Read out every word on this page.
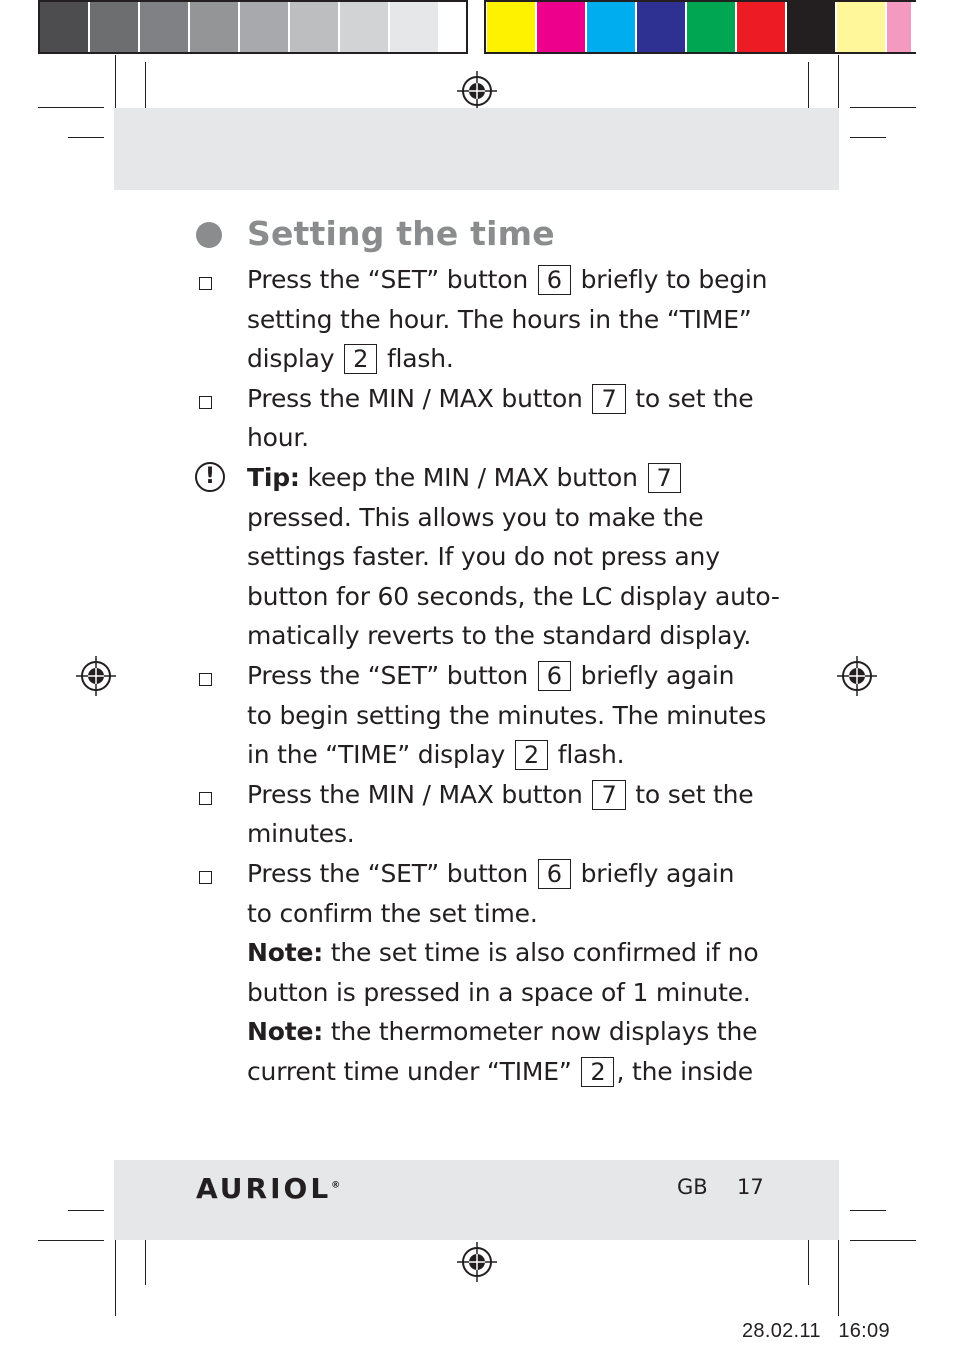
Setting the time
Press the “SET” button 6 briefly to begin
setting the hour. The hours in the “TIME”
display 2 flash.
Press the MIN / MAX button 7 to set the
hour.
Tip: keep the MIN / MAX button 7
pressed. This allows you to make the
settings faster. If you do not press any
button for 60 seconds, the LC display auto-
matically reverts to the standard display.
Press the “SET” button 6 briefly again
to begin setting the minutes. The minutes
in the “TIME” display 2 flash.
Press the MIN / MAX button 7 to set the
minutes.
Press the “SET” button 6 briefly again
to confirm the set time.
Note: the set time is also confirmed if no
button is pressed in a space of 1 minute.
Note: the thermometer now displays the
current time under “TIME” 2 , the inside
!
AURIOL®	GB 17
28.02.11   16:09
